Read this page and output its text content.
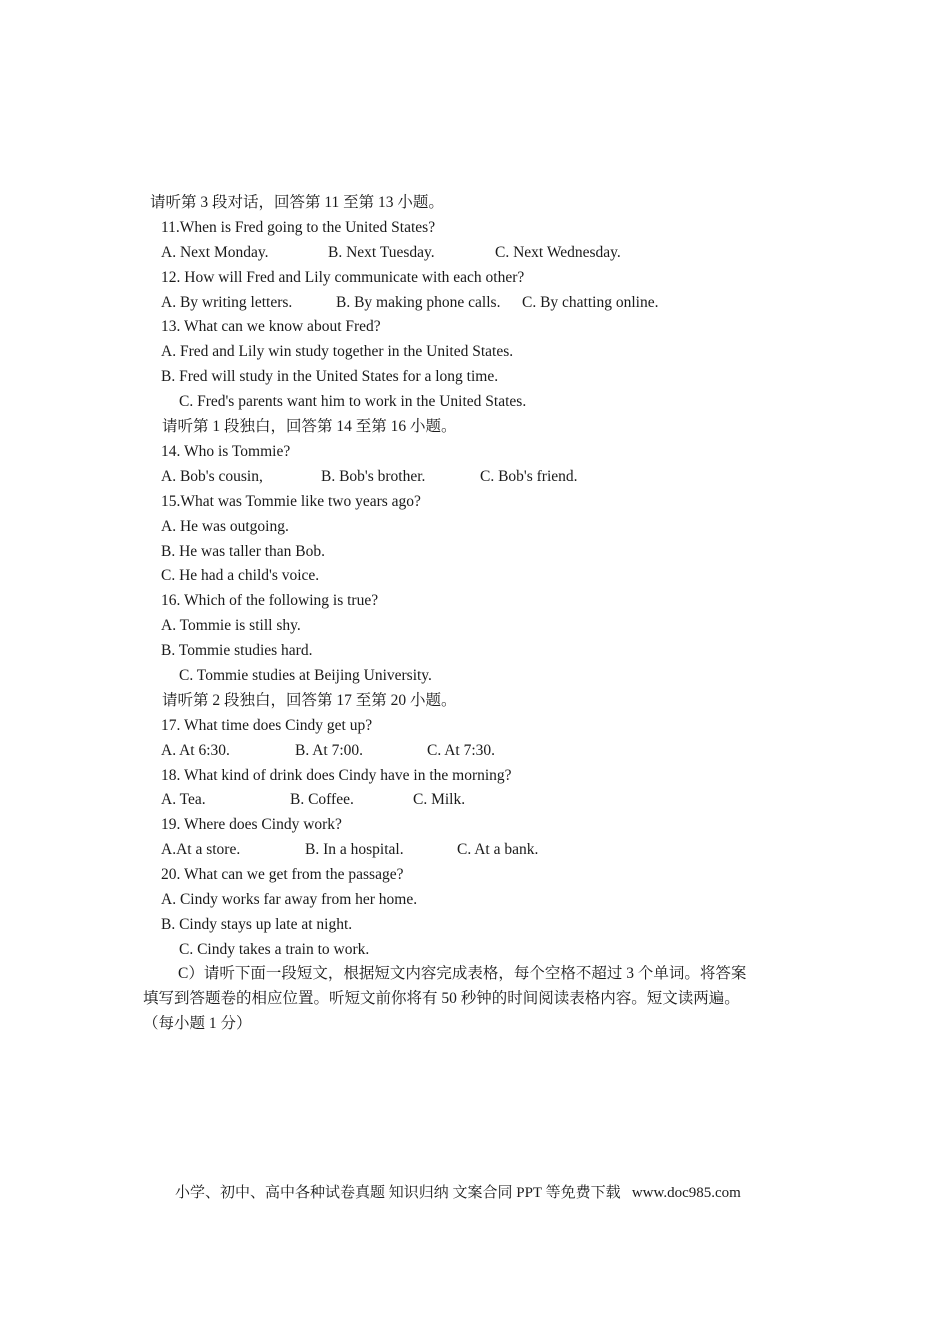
请听第 3 段对话，回答第 11 至第 13 小题。
11.When is Fred going to the United States?
A. Next Monday.	B. Next Tuesday.	C. Next Wednesday.
12. How will Fred and Lily communicate with each other?
A. By writing letters.	B. By making phone calls. C. By chatting online.
13. What can we know about Fred?
A. Fred and Lily win study together in the United States.
B. Fred will study in the United States for a long time.
C. Fred's parents want him to work in the United States.
请听第 1 段独白，回答第 14 至第 16 小题。
14. Who is Tommie?
A. Bob's cousin,	B. Bob's brother.	C. Bob's friend.
15.What was Tommie like two years ago?
A. He was outgoing.
B. He was taller than Bob.
C. He had a child's voice.
16. Which of the following is true?
A. Tommie is still shy.
B. Tommie studies hard.
C. Tommie studies at Beijing University.
请听第 2 段独白，回答第 17 至第 20 小题。
17. What time does Cindy get up?
A. At 6:30.	B. At 7:00.	C. At 7:30.
18. What kind of drink does Cindy have in the morning?
A. Tea.	B. Coffee.	C. Milk.
19. Where does Cindy work?
A.At a store.	B. In a hospital.	C. At a bank.
20. What can we get from the passage?
A. Cindy works far away from her home.
B. Cindy stays up late at night.
C. Cindy takes a train to work.
C）请听下面一段短文，根据短文内容完成表格，每个空格不超过 3 个单词。将答案
填写到答题卷的相应位置。听短文前你将有 50 秒钟的时间阅读表格内容。短文读两遍。
（每小题 1 分）
小学、初中、高中各种试卷真题 知识归纳 文案合同 PPT 等免费下载   www.doc985.com
